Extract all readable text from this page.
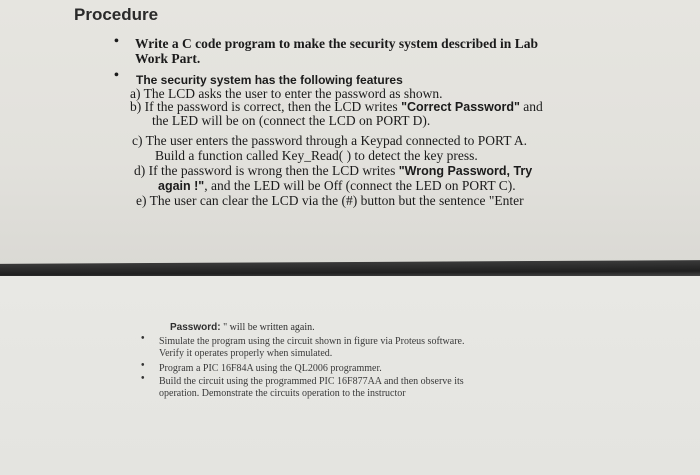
Procedure
• Write a C code program to make the security system described in Lab
Work Part.
• The security system has the following features
a) The LCD asks the user to enter the password as shown.
b) If the password is correct, then the LCD writes "Correct Password" and
the LED will be on (connect the LCD on PORT D).
c) The user enters the password through a Keypad connected to PORT A.
Build a function called Key_Read( ) to detect the key press.
d) If the password is wrong then the LCD writes "Wrong Password, Try
again !", and the LED will be Off (connect the LED on PORT C).
e) The user can clear the LCD via the (#) button but the sentence "Enter
Password: " will be written again.
• Simulate the program using the circuit shown in figure via Proteus software.
Verify it operates properly when simulated.
• Program a PIC 16F84A using the QL2006 programmer.
• Build the circuit using the programmed PIC 16F877AA and then observe its
operation. Demonstrate the circuits operation to the instructor
